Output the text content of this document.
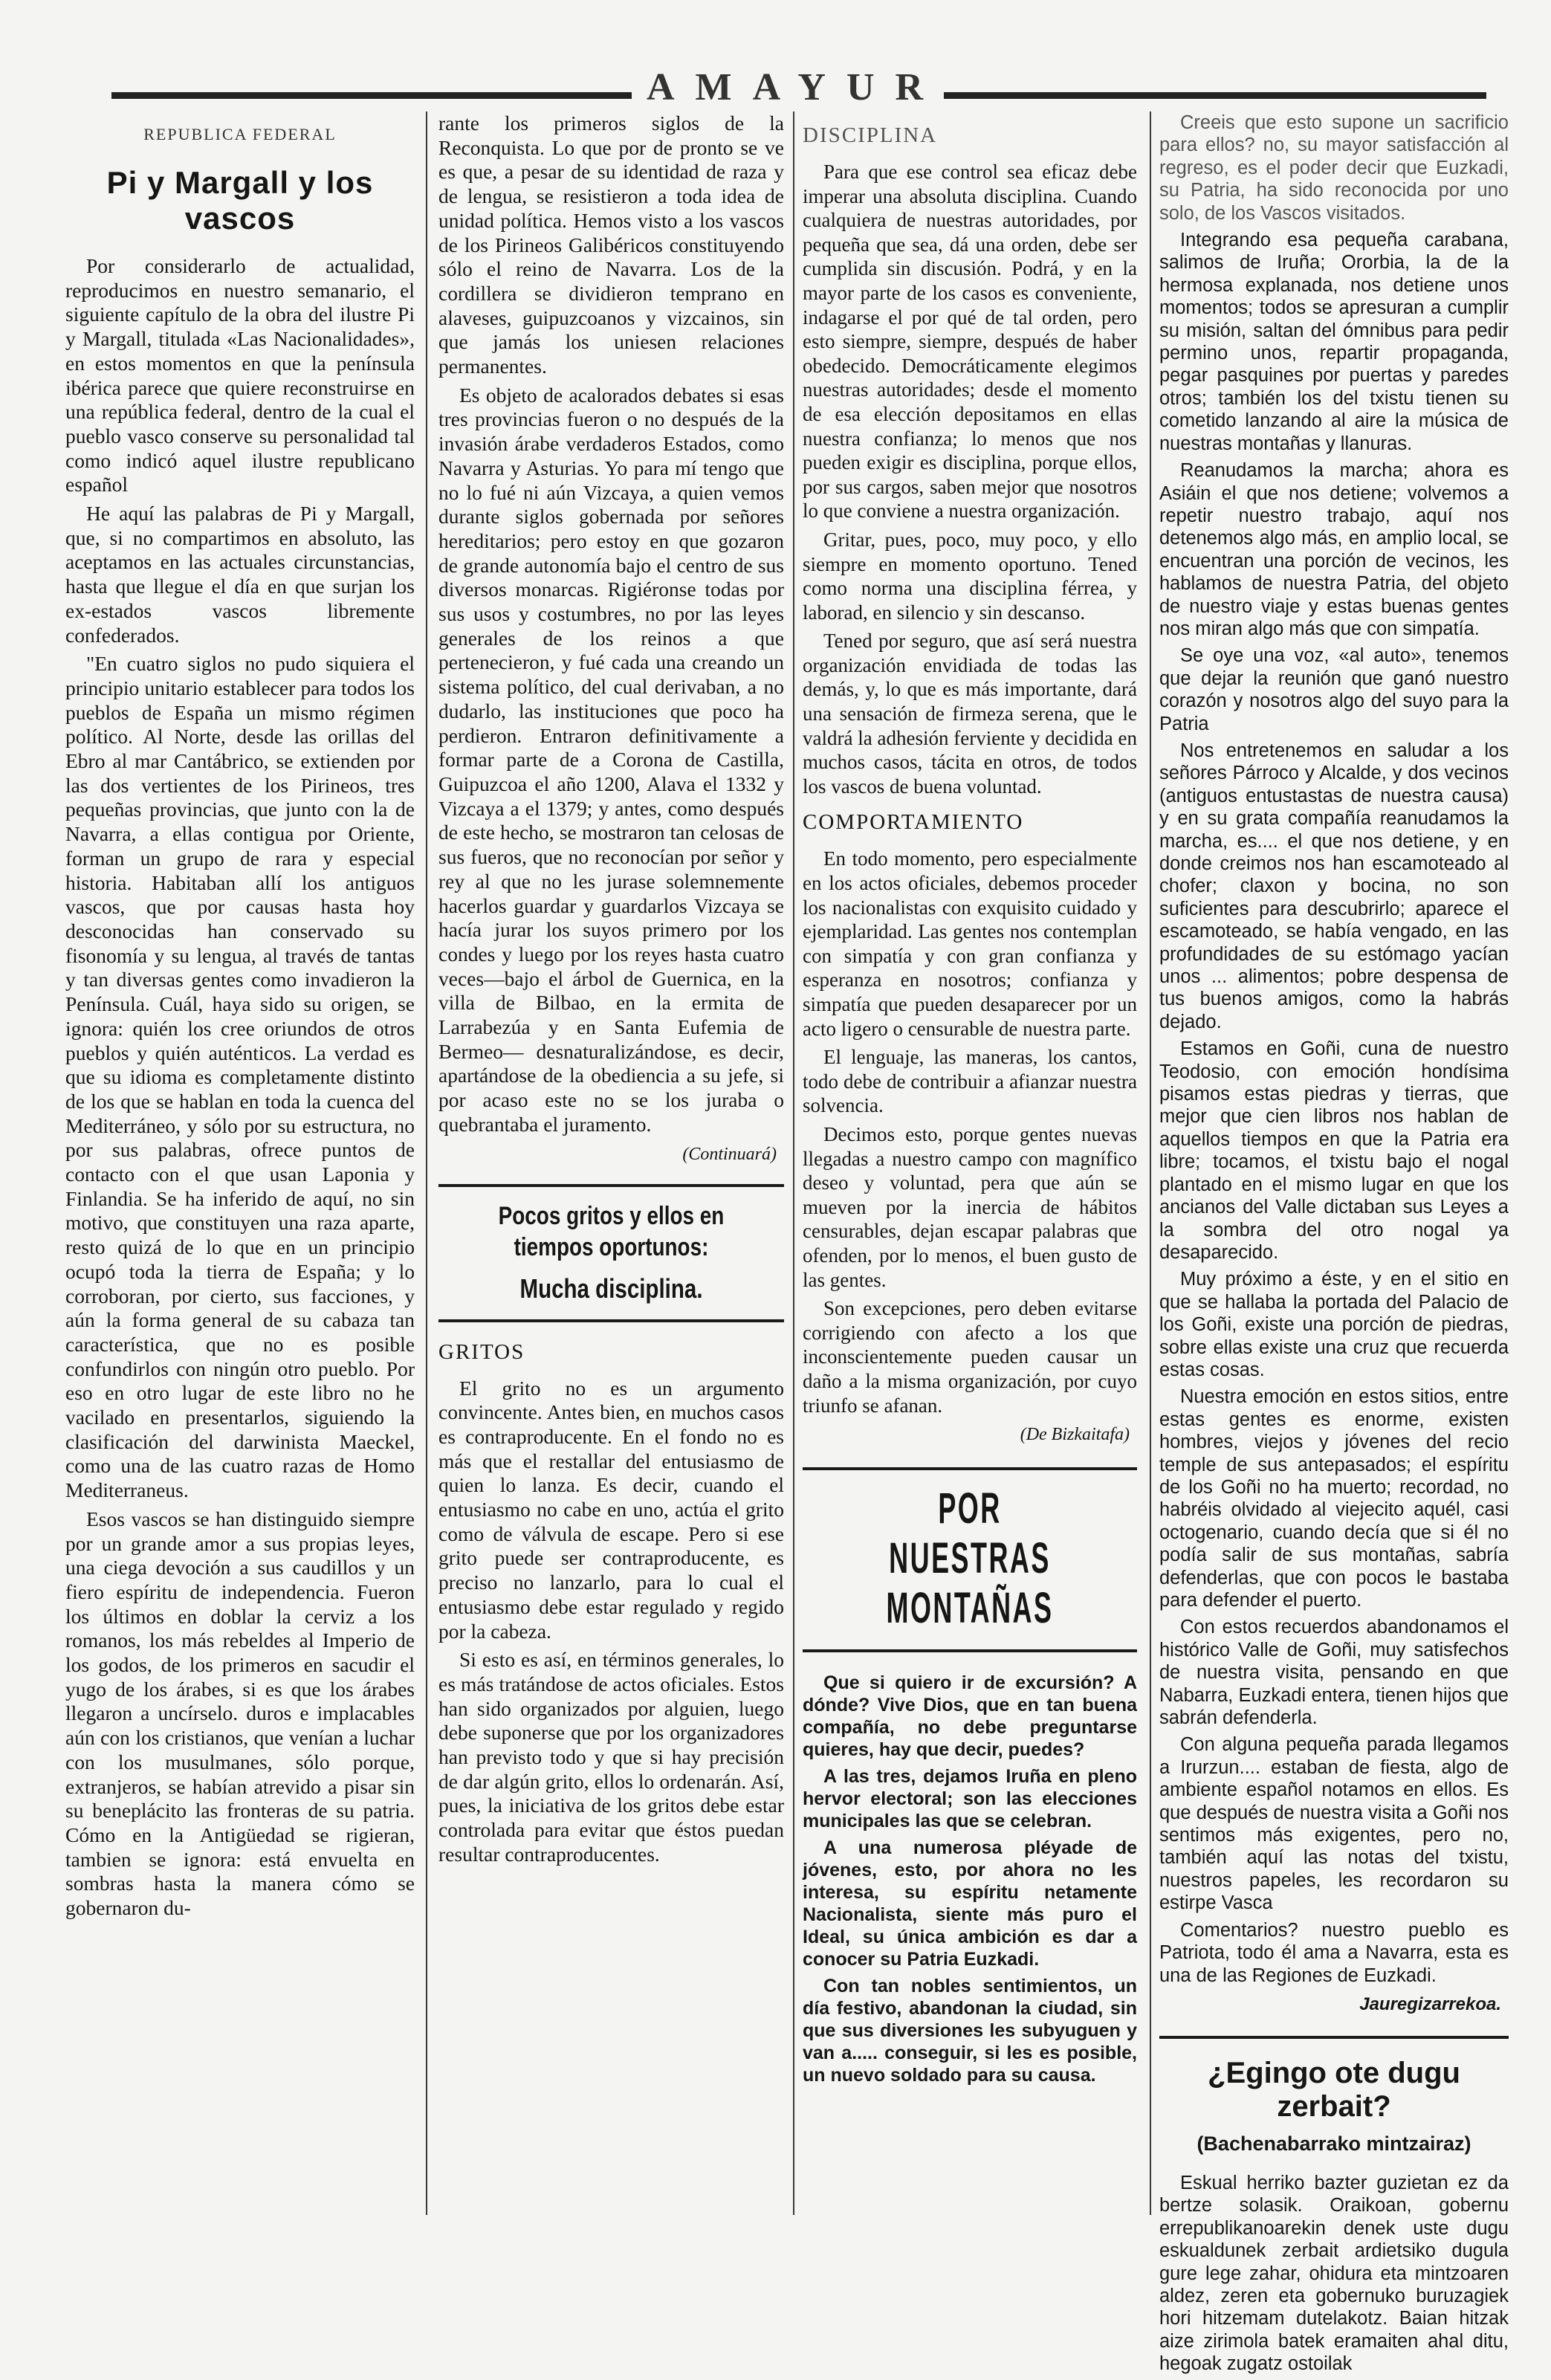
AMAYUR
REPUBLICA FEDERAL
Pi y Margall y los vascos

Por considerarlo de actualidad, reproducimos en nuestro semanario, el siguiente capítulo de la obra del ilustre Pi y Margall, titulada «Las Nacionalidades», en estos momentos en que la península ibérica parece que quiere reconstruirse en una república federal, dentro de la cual el pueblo vasco conserve su personalidad tal como indicó aquel ilustre republicano español

He aquí las palabras de Pi y Margall, que, si no compartimos en absoluto, las aceptamos en las actuales circunstancias, hasta que llegue el día en que surjan los ex-estados vascos libremente confederados.

"En cuatro siglos no pudo siquiera el principio unitario establecer para todos los pueblos de España un mismo régimen político. Al Norte, desde las orillas del Ebro al mar Cantábrico, se extienden por las dos vertientes de los Pirineos, tres pequeñas provincias, que junto con la de Navarra, a ellas contigua por Oriente, forman un grupo de rara y especial historia. Habitaban allí los antiguos vascos, que por causas hasta hoy desconocidas han conservado su fisonomía y su lengua, al través de tantas y tan diversas gentes como invadieron la Península. Cuál, haya sido su origen, se ignora: quién los cree oriundos de otros pueblos y quién auténticos. La verdad es que su idioma es completamente distinto de los que se hablan en toda la cuenca del Mediterráneo, y sólo por su estructura, no por sus palabras, ofrece puntos de contacto con el que usan Laponia y Finlandia. Se ha inferido de aquí, no sin motivo, que constituyen una raza aparte, resto quizá de lo que en un principio ocupó toda la tierra de España; y lo corroboran, por cierto, sus facciones, y aún la forma general de su cabaza tan característica, que no es posible confundirlos con ningún otro pueblo. Por eso en otro lugar de este libro no he vacilado en presentarlos, siguiendo la clasificación del darwinista Maeckel, como una de las cuatro razas de Homo Mediterraneus.

Esos vascos se han distinguido siempre por un grande amor a sus propias leyes, una ciega devoción a sus caudillos y un fiero espíritu de independencia. Fueron los últimos en doblar la cerviz a los romanos, los más rebeldes al Imperio de los godos, de los primeros en sacudir el yugo de los árabes, si es que los árabes llegaron a uncírselo. duros e implacables aún con los cristianos, que venían a luchar con los musulmanes, sólo porque, extranjeros, se habían atrevido a pisar sin su beneplácito las fronteras de su patria. Cómo en la Antigüedad se rigieran, tambien se ignora: está envuelta en sombras hasta la manera cómo se gobernaron du-

rante los primeros siglos de la Reconquista. Lo que por de pronto se ve es que, a pesar de su identidad de raza y de lengua, se resistieron a toda idea de unidad política. Hemos visto a los vascos de los Pirineos Galibéricos constituyendo sólo el reino de Navarra. Los de la cordillera se dividieron temprano en alaveses, guipuzcoanos y vizcainos, sin que jamás los uniesen relaciones permanentes.

Es objeto de acalorados debates si esas tres provincias fueron o no después de la invasión árabe verdaderos Estados, como Navarra y Asturias. Yo para mí tengo que no lo fué ni aún Vizcaya, a quien vemos durante siglos gobernada por señores hereditarios; pero estoy en que gozaron de grande autonomía bajo el centro de sus diversos monarcas. Rigiéronse todas por sus usos y costumbres, no por las leyes generales de los reinos a que pertenecieron, y fué cada una creando un sistema político, del cual derivaban, a no dudarlo, las instituciones que poco ha perdieron. Entraron definitivamente a formar parte de a Corona de Castilla, Guipuzcoa el año 1200, Alava el 1332 y Vizcaya a el 1379; y antes, como después de este hecho, se mostraron tan celosas de sus fueros, que no reconocían por señor y rey al que no les jurase solemnemente hacerlos guardar y guardarlos Vizcaya se hacía jurar los suyos primero por los condes y luego por los reyes hasta cuatro veces—bajo el árbol de Guernica, en la villa de Bilbao, en la ermita de Larrabezúa y en Santa Eufemia de Bermeo— desnaturalizándose, es decir, apartándose de la obediencia a su jefe, si por acaso este no se los juraba o quebrantaba el juramento.

(Continuará)
Pocos gritos y ellos en tiempos oportunos:
Mucha disciplina.
GRITOS

El grito no es un argumento convincente. Antes bien, en muchos casos es contraproducente. En el fondo no es más que el restallar del entusiasmo de quien lo lanza. Es decir, cuando el entusiasmo no cabe en uno, actúa el grito como de válvula de escape. Pero si ese grito puede ser contraproducente, es preciso no lanzarlo, para lo cual el entusiasmo debe estar regulado y regido por la cabeza.

Si esto es así, en términos generales, lo es más tratándose de actos oficiales. Estos han sido organizados por alguien, luego debe suponerse que por los organizadores han previsto todo y que si hay precisión de dar algún grito, ellos lo ordenarán. Así, pues, la iniciativa de los gritos debe estar controlada para evitar que éstos puedan resultar contraproducentes.

DISCIPLINA

Para que ese control sea eficaz debe imperar una absoluta disciplina. Cuando cualquiera de nuestras autoridades, por pequeña que sea, dá una orden, debe ser cumplida sin discusión. Podrá, y en la mayor parte de los casos es conveniente, indagarse el por qué de tal orden, pero esto siempre, siempre, después de haber obedecido. Democráticamente elegimos nuestras autoridades; desde el momento de esa elección depositamos en ellas nuestra confianza; lo menos que nos pueden exigir es disciplina, porque ellos, por sus cargos, saben mejor que nosotros lo que conviene a nuestra organización.

Gritar, pues, poco, muy poco, y ello siempre en momento oportuno. Tened como norma una disciplina férrea, y laborad, en silencio y sin descanso.

Tened por seguro, que así será nuestra organización envidiada de todas las demás, y, lo que es más importante, dará una sensación de firmeza serena, que le valdrá la adhesión ferviente y decidida en muchos casos, tácita en otros, de todos los vascos de buena voluntad.

COMPORTAMIENTO

En todo momento, pero especialmente en los actos oficiales, debemos proceder los nacionalistas con exquisito cuidado y ejemplaridad. Las gentes nos contemplan con simpatía y con gran confianza y esperanza en nosotros; confianza y simpatía que pueden desaparecer por un acto ligero o censurable de nuestra parte.

El lenguaje, las maneras, los cantos, todo debe de contribuir a afianzar nuestra solvencia.

Decimos esto, porque gentes nuevas llegadas a nuestro campo con magnífico deseo y voluntad, pera que aún se mueven por la inercia de hábitos censurables, dejan escapar palabras que ofenden, por lo menos, el buen gusto de las gentes.

Son excepciones, pero deben evitarse corrigiendo con afecto a los que inconscientemente pueden causar un daño a la misma organización, por cuyo triunfo se afanan.

(De Bizkaitafa)
POR NUESTRAS MONTAÑAS

Que si quiero ir de excursión? A dónde? Vive Dios, que en tan buena compañía, no debe preguntarse quieres, hay que decir, puedes?

A las tres, dejamos Iruña en pleno hervor electoral; son las elecciones municipales las que se celebran.

A una numerosa pléyade de jóvenes, esto, por ahora no les interesa, su espíritu netamente Nacionalista, siente más puro el Ideal, su única ambición es dar a conocer su Patria Euzkadi.

Con tan nobles sentimientos, un día festivo, abandonan la ciudad, sin que sus diversiones les subyuguen y van a..... conseguir, si les es posible, un nuevo soldado para su causa.

Creeis que esto supone un sacrificio para ellos? no, su mayor satisfacción al regreso, es el poder decir que Euzkadi, su Patria, ha sido reconocida por uno solo, de los Vascos visitados.

Integrando esa pequeña carabana, salimos de Iruña; Ororbia, la de la hermosa explanada, nos detiene unos momentos; todos se apresuran a cumplir su misión, saltan del ómnibus para pedir permino unos, repartir propaganda, pegar pasquines por puertas y paredes otros; también los del txistu tienen su cometido lanzando al aire la música de nuestras montañas y llanuras.

Reanudamos la marcha; ahora es Asiáin el que nos detiene; volvemos a repetir nuestro trabajo, aquí nos detenemos algo más, en amplio local, se encuentran una porción de vecinos, les hablamos de nuestra Patria, del objeto de nuestro viaje y estas buenas gentes nos miran algo más que con simpatía.

Se oye una voz, «al auto», tenemos que dejar la reunión que ganó nuestro corazón y nosotros algo del suyo para la Patria

Nos entretenemos en saludar a los señores Párroco y Alcalde, y dos vecinos (antiguos entustastas de nuestra causa) y en su grata compañía reanudamos la marcha, es.... el que nos detiene, y en donde creimos nos han escamoteado al chofer; claxon y bocina, no son suficientes para descubrirlo; aparece el escamoteado, se había vengado, en las profundidades de su estómago yacían unos ... alimentos; pobre despensa de tus buenos amigos, como la habrás dejado.

Estamos en Goñi, cuna de nuestro Teodosio, con emoción hondísima pisamos estas piedras y tierras, que mejor que cien libros nos hablan de aquellos tiempos en que la Patria era libre; tocamos, el txistu bajo el nogal plantado en el mismo lugar en que los ancianos del Valle dictaban sus Leyes a la sombra del otro nogal ya desaparecido.

Muy próximo a éste, y en el sitio en que se hallaba la portada del Palacio de los Goñi, existe una porción de piedras, sobre ellas existe una cruz que recuerda estas cosas.

Nuestra emoción en estos sitios, entre estas gentes es enorme, existen hombres, viejos y jóvenes del recio temple de sus antepasados; el espíritu de los Goñi no ha muerto; recordad, no habréis olvidado al viejecito aquél, casi octogenario, cuando decía que si él no podía salir de sus montañas, sabría defenderlas, que con pocos le bastaba para defender el puerto.

Con estos recuerdos abandonamos el histórico Valle de Goñi, muy satisfechos de nuestra visita, pensando en que Nabarra, Euzkadi entera, tienen hijos que sabrán defenderla.

Con alguna pequeña parada llegamos a Irurzun.... estaban de fiesta, algo de ambiente español notamos en ellos. Es que después de nuestra visita a Goñi nos sentimos más exigentes, pero no, también aquí las notas del txistu, nuestros papeles, les recordaron su estirpe Vasca

Comentarios? nuestro pueblo es Patriota, todo él ama a Navarra, esta es una de las Regiones de Euzkadi.

Jauregizarrekoa.
¿Egingo ote dugu zerbait?
(Bachenabarrako mintzairaz)

Eskual herriko bazter guzietan ez da bertze solasik. Oraikoan, gobernu errepublikanoarekin denek uste dugu eskualdunek zerbait ardietsiko dugula gure lege zahar, ohidura eta mintzoaren aldez, zeren eta gobernuko buruzagiek hori hitzemam dutelakotz. Baian hitzak aize zirimola batek eramaiten ahal ditu, hegoak zugatz ostoilak
